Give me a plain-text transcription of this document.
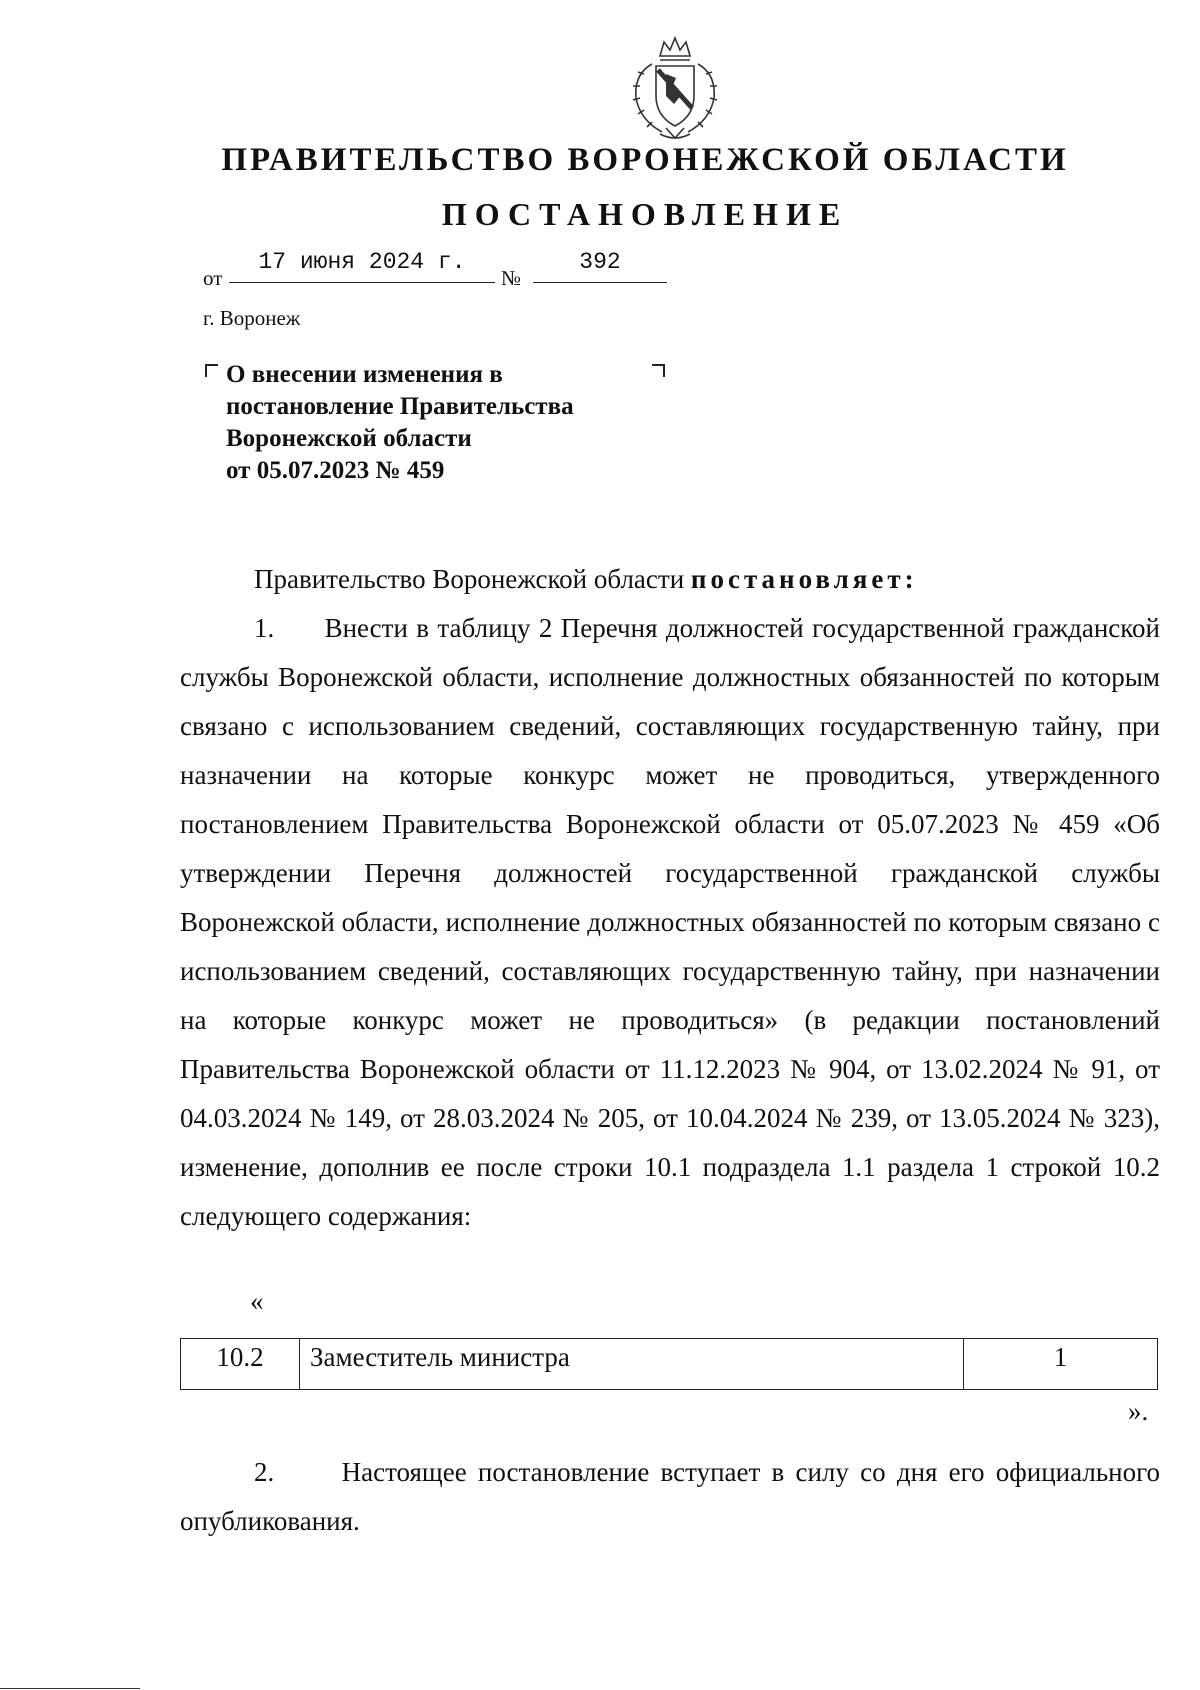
ПРАВИТЕЛЬСТВО ВОРОНЕЖСКОЙ ОБЛАСТИ
ПОСТАНОВЛЕНИЕ
от
17 июня 2024 г.
№
392
г. Воронеж
О внесении изменения в
постановление Правительства
Воронежской области
от 05.07.2023 № 459
Правительство Воронежской области постановляет:
1.      Внести в таблицу 2 Перечня должностей государственной гражданской службы Воронежской области, исполнение должностных обязанностей по которым связано с использованием сведений, составляющих государственную тайну, при назначении на которые конкурс может не проводиться, утвержденного постановлением Правительства Воронежской области от 05.07.2023 № 459 «Об утверждении Перечня должностей государственной гражданской службы Воронежской области, исполнение должностных обязанностей по которым связано с использованием сведений, составляющих государственную тайну, при назначении на которые конкурс может не проводиться» (в редакции постановлений Правительства Воронежской области от 11.12.2023 № 904, от 13.02.2024 № 91, от 04.03.2024 № 149, от 28.03.2024 № 205, от 10.04.2024 № 239, от 13.05.2024 № 323), изменение, дополнив ее после строки 10.1 подраздела 1.1 раздела 1 строкой 10.2 следующего содержания:
«
10.2	Заместитель министра	1
».
2.      Настоящее постановление вступает в силу со дня его официального опубликования.
